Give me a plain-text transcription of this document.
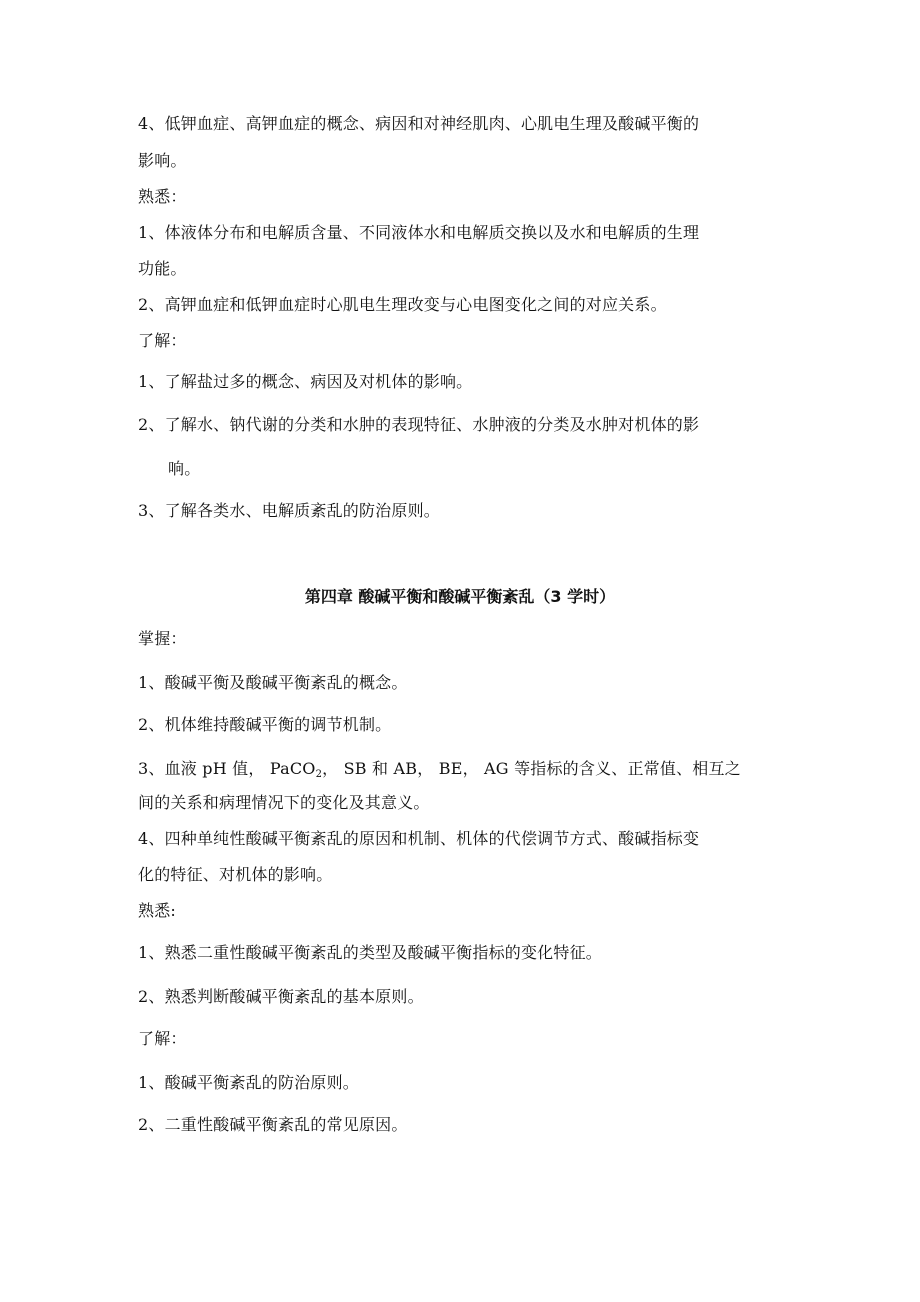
4、低钾血症、高钾血症的概念、病因和对神经肌肉、心肌电生理及酸碱平衡的
影响。
熟悉：
1、体液体分布和电解质含量、不同液体水和电解质交换以及水和电解质的生理
功能。
2、高钾血症和低钾血症时心肌电生理改变与心电图变化之间的对应关系。
了解：
1、了解盐过多的概念、病因及对机体的影响。
2、了解水、钠代谢的分类和水肿的表现特征、水肿液的分类及水肿对机体的影
响。
3、了解各类水、电解质紊乱的防治原则。
第四章 酸碱平衡和酸碱平衡紊乱（3 学时）
掌握：
1、酸碱平衡及酸碱平衡紊乱的概念。
2、机体维持酸碱平衡的调节机制。
3、血液 pH 值， PaCO$_2$， SB 和 AB， BE， AG 等指标的含义、正常值、相互之
间的关系和病理情况下的变化及其意义。
4、四种单纯性酸碱平衡紊乱的原因和机制、机体的代偿调节方式、酸碱指标变
化的特征、对机体的影响。
熟悉:
1、熟悉二重性酸碱平衡紊乱的类型及酸碱平衡指标的变化特征。
2、熟悉判断酸碱平衡紊乱的基本原则。
了解：
1、酸碱平衡紊乱的防治原则。
2、二重性酸碱平衡紊乱的常见原因。
